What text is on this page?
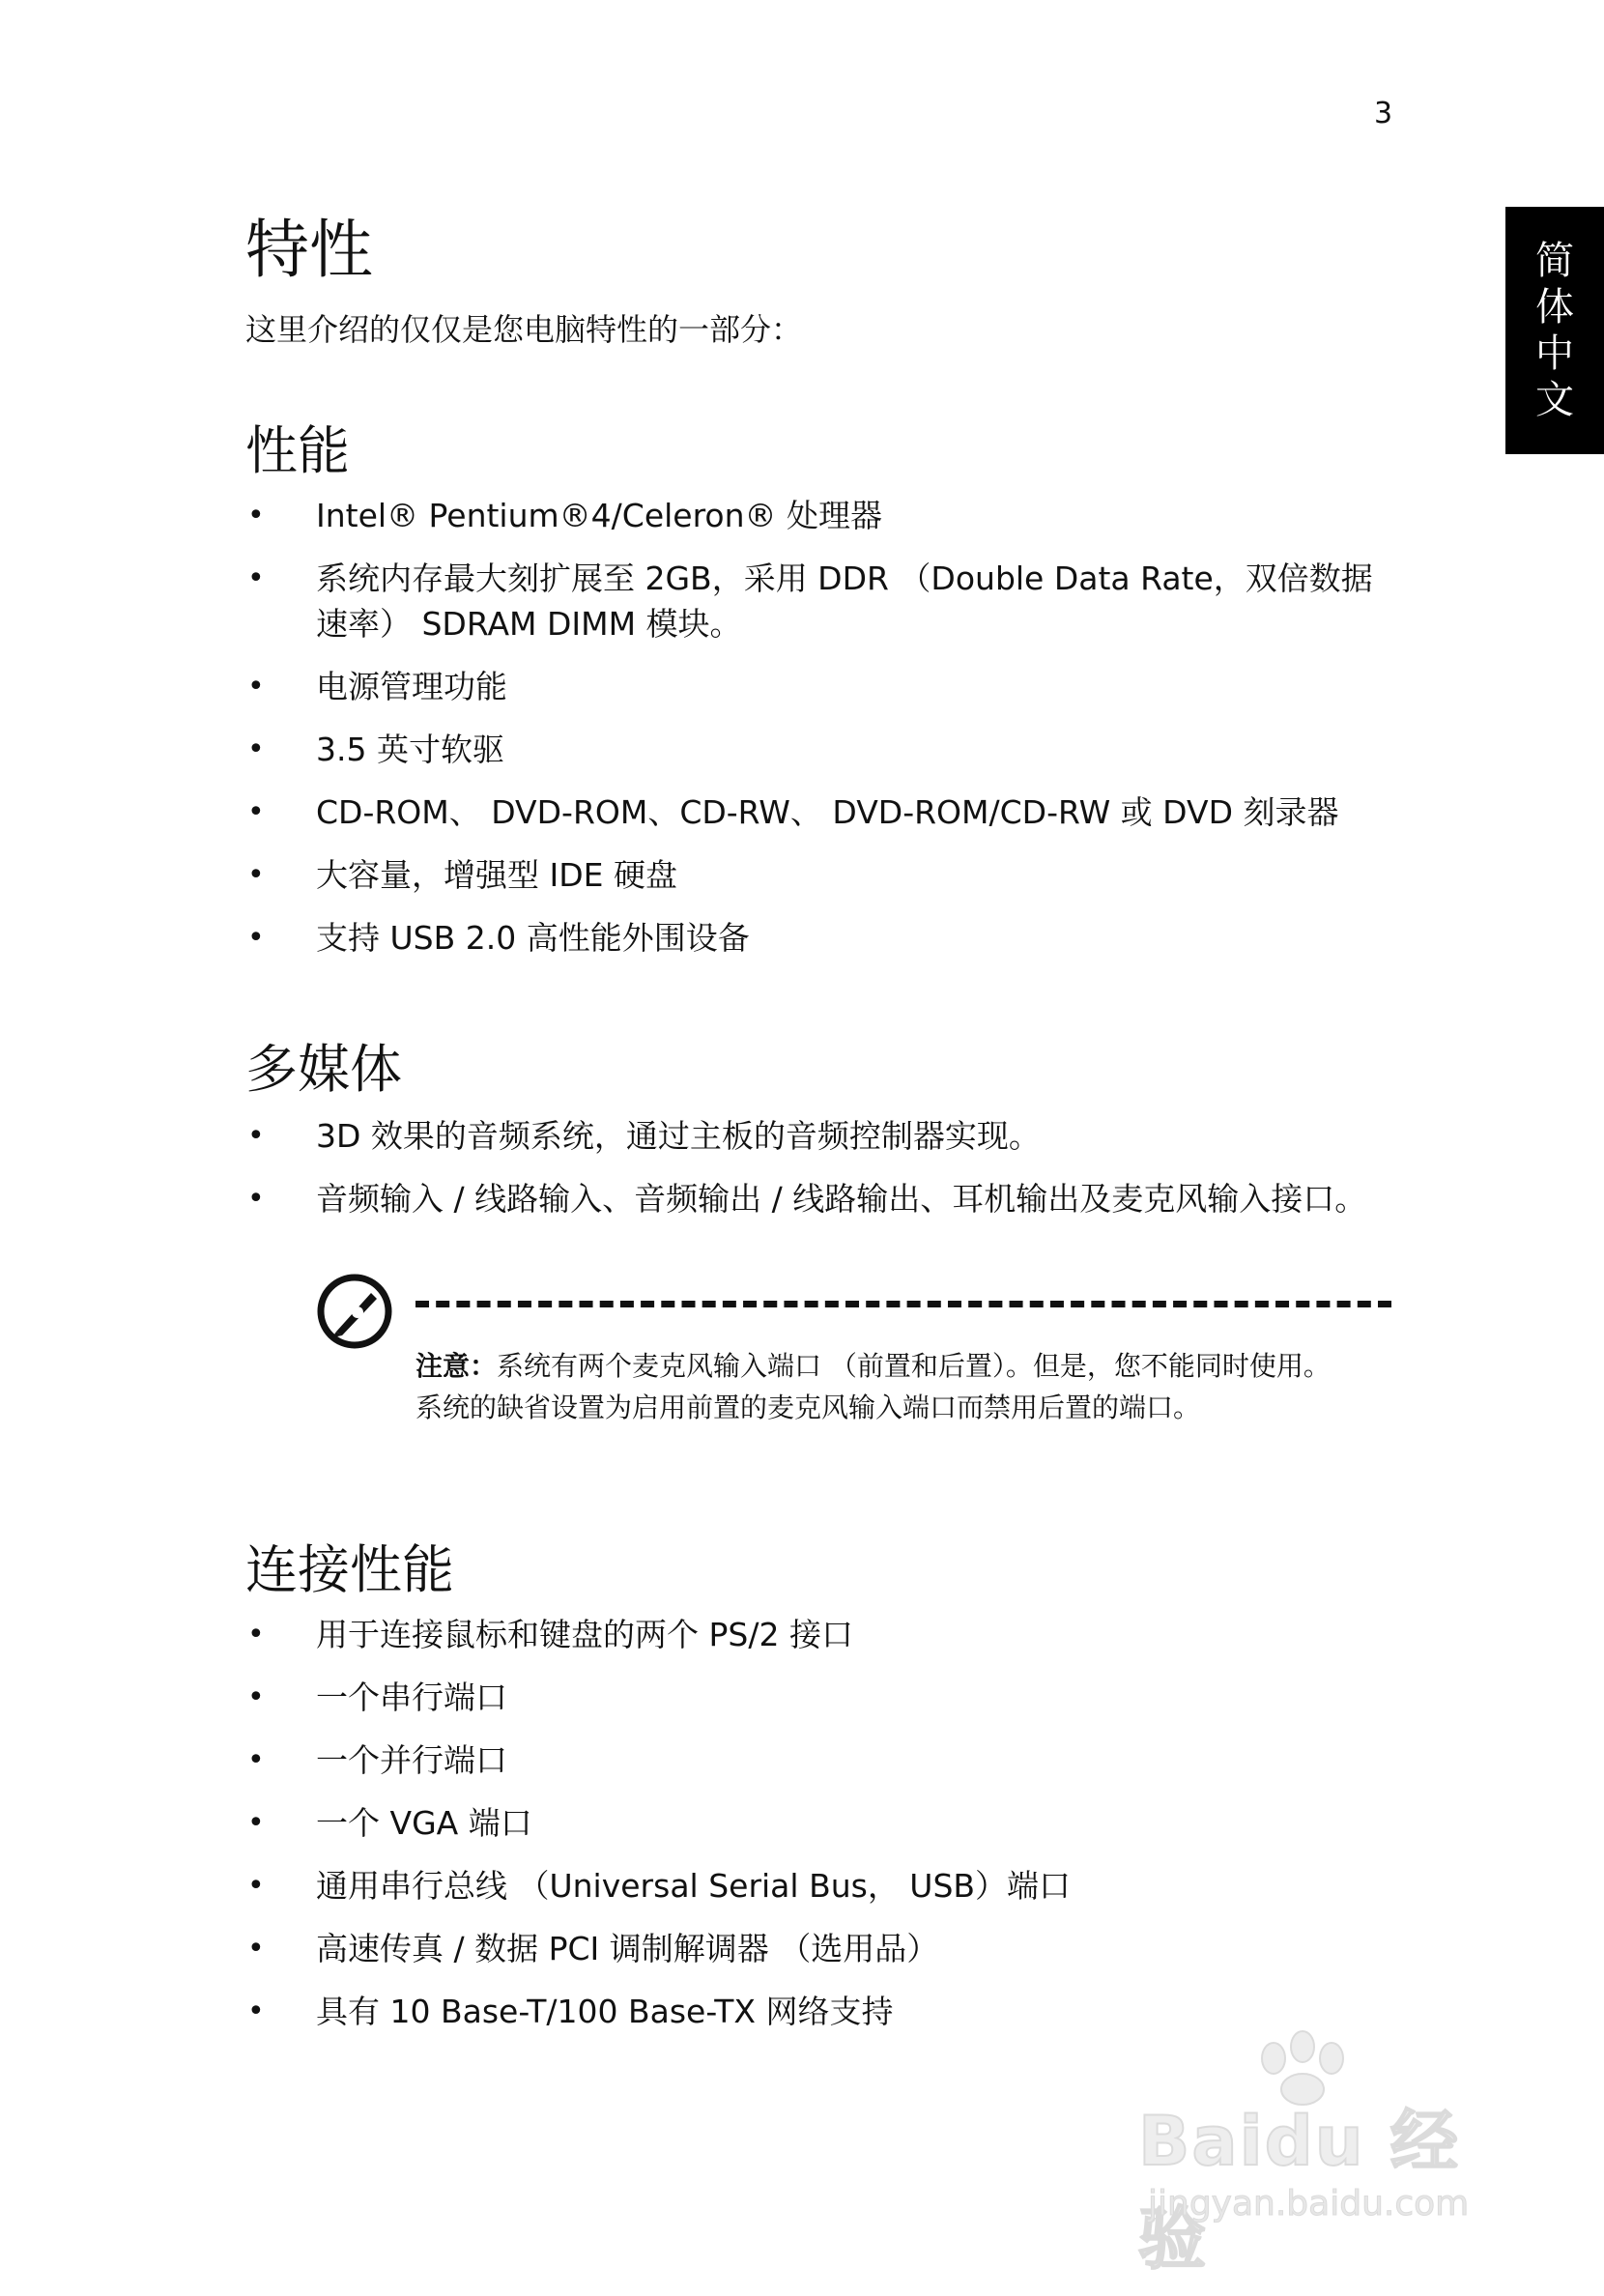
3
简
体
中
文
特性
这里介绍的仅仅是您电脑特性的一部分：
性能
• Intel® Pentium®4/Celeron® 处理器
• 系统内存最大刻扩展至 2GB，采用 DDR （Double Data Rate，双倍数据速率） SDRAM DIMM 模块。
• 电源管理功能
• 3.5 英寸软驱
• CD-ROM、 DVD-ROM、CD-RW、 DVD-ROM/CD-RW 或 DVD 刻录器
• 大容量，增强型 IDE 硬盘
• 支持 USB 2.0 高性能外围设备
多媒体
• 3D 效果的音频系统，通过主板的音频控制器实现。
• 音频输入 / 线路输入、音频输出 / 线路输出、耳机输出及麦克风输入接口。
注意：系统有两个麦克风输入端口 （前置和后置）。但是，您不能同时使用。系统的缺省设置为启用前置的麦克风输入端口而禁用后置的端口。
连接性能
• 用于连接鼠标和键盘的两个 PS/2 接口
• 一个串行端口
• 一个并行端口
• 一个 VGA 端口
• 通用串行总线 （Universal Serial Bus， USB）端口
• 高速传真 / 数据 PCI 调制解调器 （选用品）
• 具有 10 Base-T/100 Base-TX 网络支持
Baidu 经验
jingyan.baidu.com
